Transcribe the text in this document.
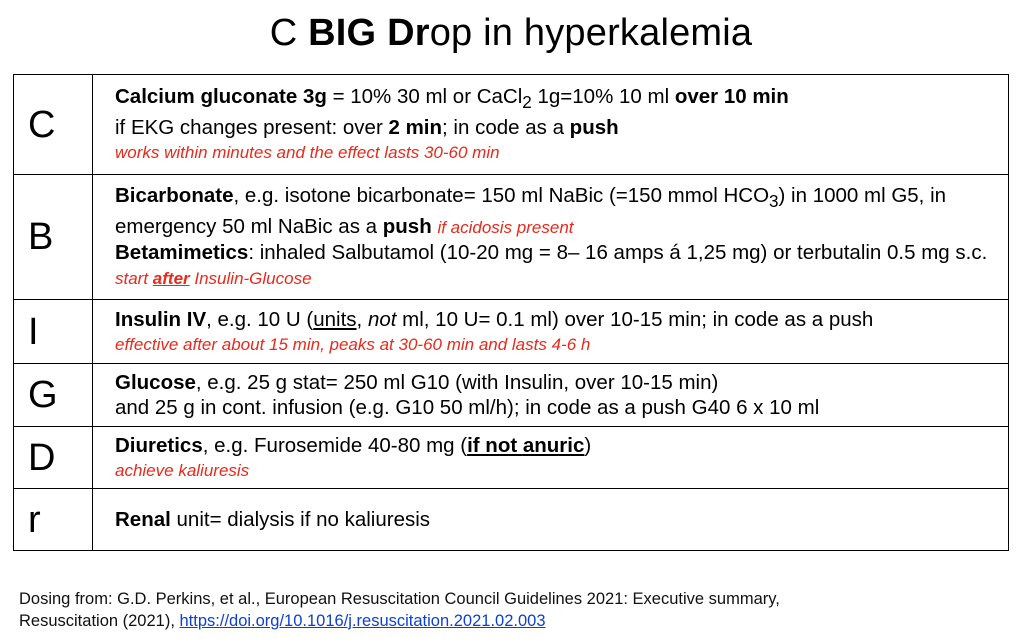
C BIG Drop in hyperkalemia
C	Calcium gluconate 3g = 10% 30 ml or CaCl$_2$ 1g=10% 10 ml over 10 min
if EKG changes present: over 2 min; in code as a push
works within minutes and the effect lasts 30-60 min

B	Bicarbonate, e.g. isotone bicarbonate= 150 ml NaBic (=150 mmol $HCO_3$) in 1000 ml G5, in emergency 50 ml NaBic as a push if acidosis present
Betamimetics: inhaled Salbutamol (10-20 mg = 8– 16 amps á 1,25 mg) or terbutalin 0.5 mg s.c. start after Insulin-Glucose

I	Insulin IV, e.g. 10 U (units, not ml, 10 U= 0.1 ml) over 10-15 min; in code as a push
effective after about 15 min, peaks at 30-60 min and lasts 4-6 h

G	Glucose, e.g. 25 g stat= 250 ml G10 (with Insulin, over 10-15 min)
and 25 g in cont. infusion (e.g. G10 50 ml/h); in code as a push G40 6 x 10 ml

D	Diuretics, e.g. Furosemide 40-80 mg (if not anuric)
achieve kaliuresis

r	Renal unit= dialysis if no kaliuresis
Dosing from: G.D. Perkins, et al., European Resuscitation Council Guidelines 2021: Executive summary,
Resuscitation (2021), https://doi.org/10.1016/j.resuscitation.2021.02.003
